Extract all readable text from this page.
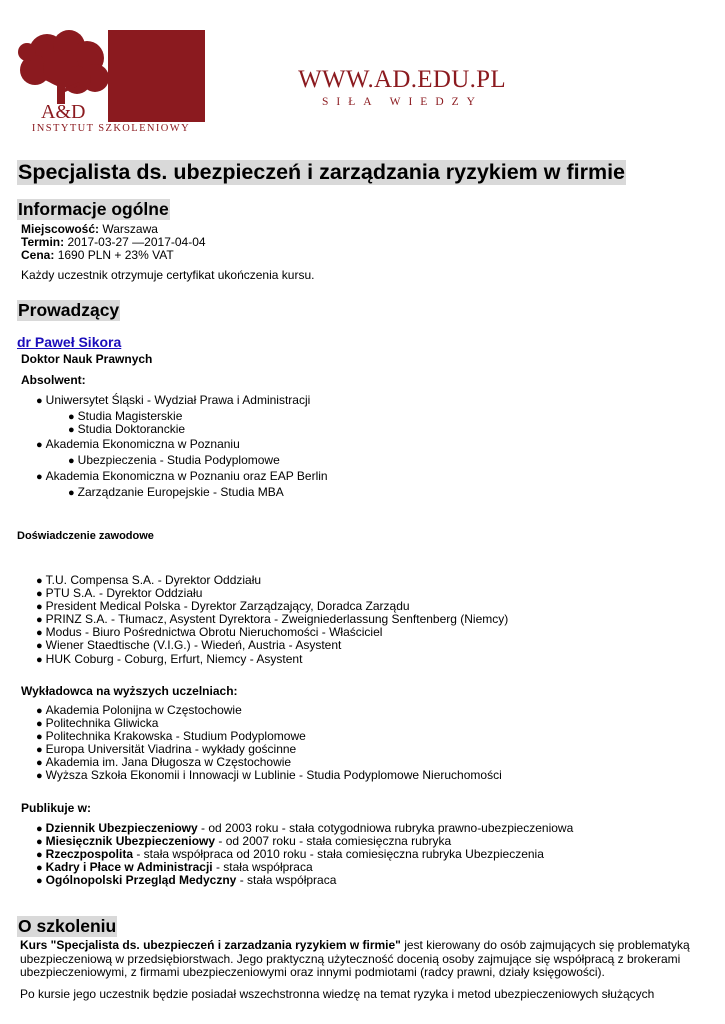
A&D
INSTYTUT SZKOLENIOWY
WWW.AD.EDU.PL
SIŁA WIEDZY
Specjalista ds. ubezpieczeń i zarządzania ryzykiem w firmie
Informacje ogólne
Miejscowość: Warszawa
Termin: 2017-03-27 —2017-04-04
Cena: 1690 PLN + 23% VAT
Każdy uczestnik otrzymuje certyfikat ukończenia kursu.
Prowadzący
dr Paweł Sikora
Doktor Nauk Prawnych
Absolwent:
● Uniwersytet Śląski - Wydział Prawa i Administracji
● Studia Magisterskie
● Studia Doktoranckie
● Akademia Ekonomiczna w Poznaniu
● Ubezpieczenia - Studia Podyplomowe
● Akademia Ekonomiczna w Poznaniu oraz EAP Berlin
● Zarządzanie Europejskie - Studia MBA
Doświadczenie zawodowe
● T.U. Compensa S.A. - Dyrektor Oddziału
● PTU S.A. - Dyrektor Oddziału
● President Medical Polska - Dyrektor Zarządzający, Doradca Zarządu
● PRINZ S.A. - Tłumacz, Asystent Dyrektora - Zweigniederlassung Senftenberg (Niemcy)
● Modus - Biuro Pośrednictwa Obrotu Nieruchomości - Właściciel
● Wiener Staedtische (V.I.G.) - Wiedeń, Austria - Asystent
● HUK Coburg - Coburg, Erfurt, Niemcy - Asystent
Wykładowca na wyższych uczelniach:
● Akademia Polonijna w Częstochowie
● Politechnika Gliwicka
● Politechnika Krakowska - Studium Podyplomowe
● Europa Universität Viadrina - wykłady gościnne
● Akademia im. Jana Długosza w Częstochowie
● Wyższa Szkoła Ekonomii i Innowacji w Lublinie - Studia Podyplomowe Nieruchomości
Publikuje w:
● Dziennik Ubezpieczeniowy - od 2003 roku - stała cotygodniowa rubryka prawno-ubezpieczeniowa
● Miesięcznik Ubezpieczeniowy - od 2007 roku - stała comiesięczna rubryka
● Rzeczpospolita - stała współpraca od 2010 roku - stała comiesięczna rubryka Ubezpieczenia
● Kadry i Płace w Administracji - stała współpraca
● Ogólnopolski Przegląd Medyczny - stała współpraca
O szkoleniu

Kurs "Specjalista ds. ubezpieczeń i zarzadzania ryzykiem w firmie" jest kierowany do osób zajmujących się problematyką ubezpieczeniową w przedsiębiorstwach. Jego praktyczną użyteczność docenią osoby zajmujące się współpracą z brokerami ubezpieczeniowymi, z firmami ubezpieczeniowymi oraz innymi podmiotami (radcy prawni, działy księgowości).

Po kursie jego uczestnik będzie posiadał wszechstronna wiedzę na temat ryzyka i metod ubezpieczeniowych służących
